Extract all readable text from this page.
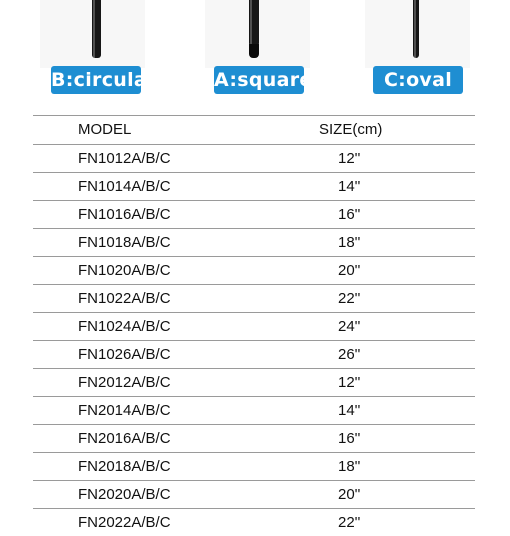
B:circular	A:square	C:oval
MODEL	SIZE(cm)
FN1012A/B/C	12''
FN1014A/B/C	14''
FN1016A/B/C	16''
FN1018A/B/C	18''
FN1020A/B/C	20''
FN1022A/B/C	22''
FN1024A/B/C	24''
FN1026A/B/C	26''
FN2012A/B/C	12''
FN2014A/B/C	14''
FN2016A/B/C	16''
FN2018A/B/C	18''
FN2020A/B/C	20''
FN2022A/B/C	22''
